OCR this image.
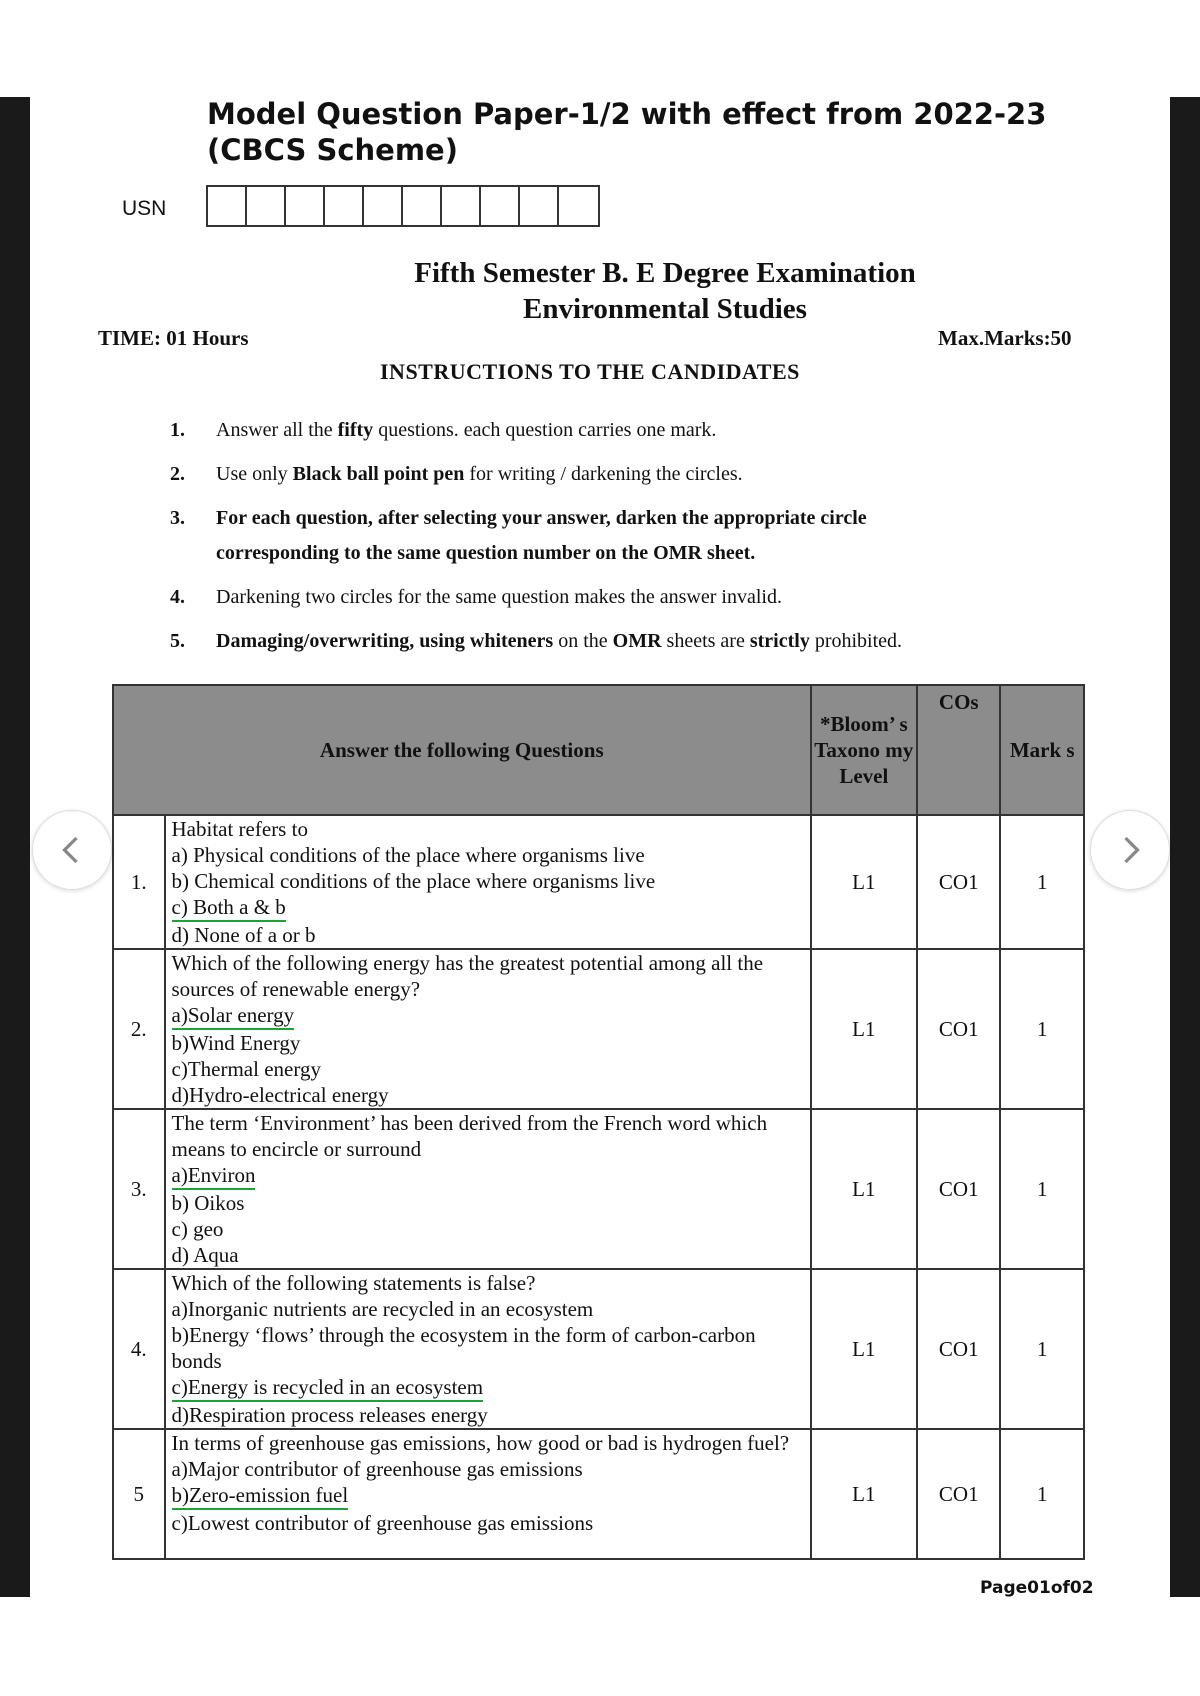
Model Question Paper-1/2 with effect from 2022-23 (CBCS Scheme)
USN
Fifth Semester B. E Degree Examination
Environmental Studies
TIME: 01 Hours	Max.Marks:50
INSTRUCTIONS TO THE CANDIDATES
1.	Answer all the fifty questions. each question carries one mark.
2.	Use only Black ball point pen for writing / darkening the circles.
3.	For each question, after selecting your answer, darken the appropriate circle corresponding to the same question number on the OMR sheet.
4.	Darkening two circles for the same question makes the answer invalid.
5.	Damaging/overwriting, using whiteners on the OMR sheets are strictly prohibited.
Answer the following Questions		*Bloom’ s Taxono my Level	COs	Mark s
1.	Habitat refers to
a) Physical conditions of the place where organisms live
b) Chemical conditions of the place where organisms live
c) Both a & b
d) None of a or b	L1	CO1	1
2.	Which of the following energy has the greatest potential among all the sources of renewable energy?
a)Solar energy
b)Wind Energy
c)Thermal energy
d)Hydro-electrical energy	L1	CO1	1
3.	The term ‘Environment’ has been derived from the French word which means to encircle or surround
a)Environ
b) Oikos
c) geo
d) Aqua	L1	CO1	1
4.	Which of the following statements is false?
a)Inorganic nutrients are recycled in an ecosystem
b)Energy ‘flows’ through the ecosystem in the form of carbon-carbon bonds
c)Energy is recycled in an ecosystem
d)Respiration process releases energy	L1	CO1	1
5	In terms of greenhouse gas emissions, how good or bad is hydrogen fuel?
a)Major contributor of greenhouse gas emissions
b)Zero-emission fuel
c)Lowest contributor of greenhouse gas emissions	L1	CO1	1
Page01of02
